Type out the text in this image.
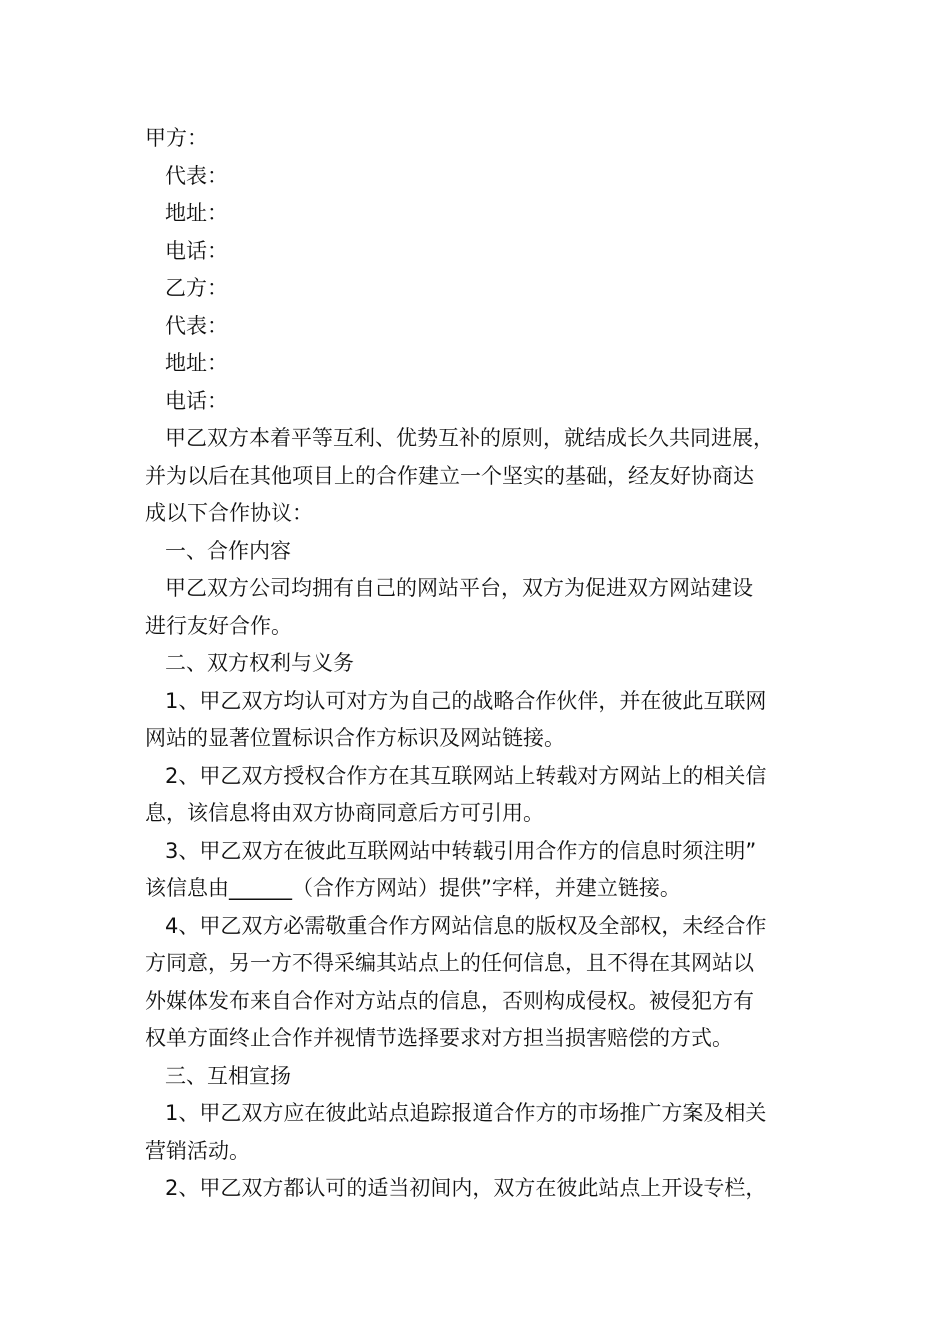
甲方：
代表：
地址：
电话：
乙方：
代表：
地址：
电话：
甲乙双方本着平等互利、优势互补的原则，就结成长久共同进展，
并为以后在其他项目上的合作建立一个坚实的基础，经友好协商达
成以下合作协议：
一、合作内容
甲乙双方公司均拥有自己的网站平台，双方为促进双方网站建设
进行友好合作。
二、双方权利与义务
1、甲乙双方均认可对方为自己的战略合作伙伴，并在彼此互联网
网站的显著位置标识合作方标识及网站链接。
2、甲乙双方授权合作方在其互联网站上转载对方网站上的相关信
息，该信息将由双方协商同意后方可引用。
3、甲乙双方在彼此互联网站中转载引用合作方的信息时须注明”
该信息由______（合作方网站）提供”字样，并建立链接。
4、甲乙双方必需敬重合作方网站信息的版权及全部权，未经合作
方同意，另一方不得采编其站点上的任何信息，且不得在其网站以
外媒体发布来自合作对方站点的信息，否则构成侵权。被侵犯方有
权单方面终止合作并视情节选择要求对方担当损害赔偿的方式。
三、互相宣扬
1、甲乙双方应在彼此站点追踪报道合作方的市场推广方案及相关
营销活动。
2、甲乙双方都认可的适当初间内，双方在彼此站点上开设专栏，
